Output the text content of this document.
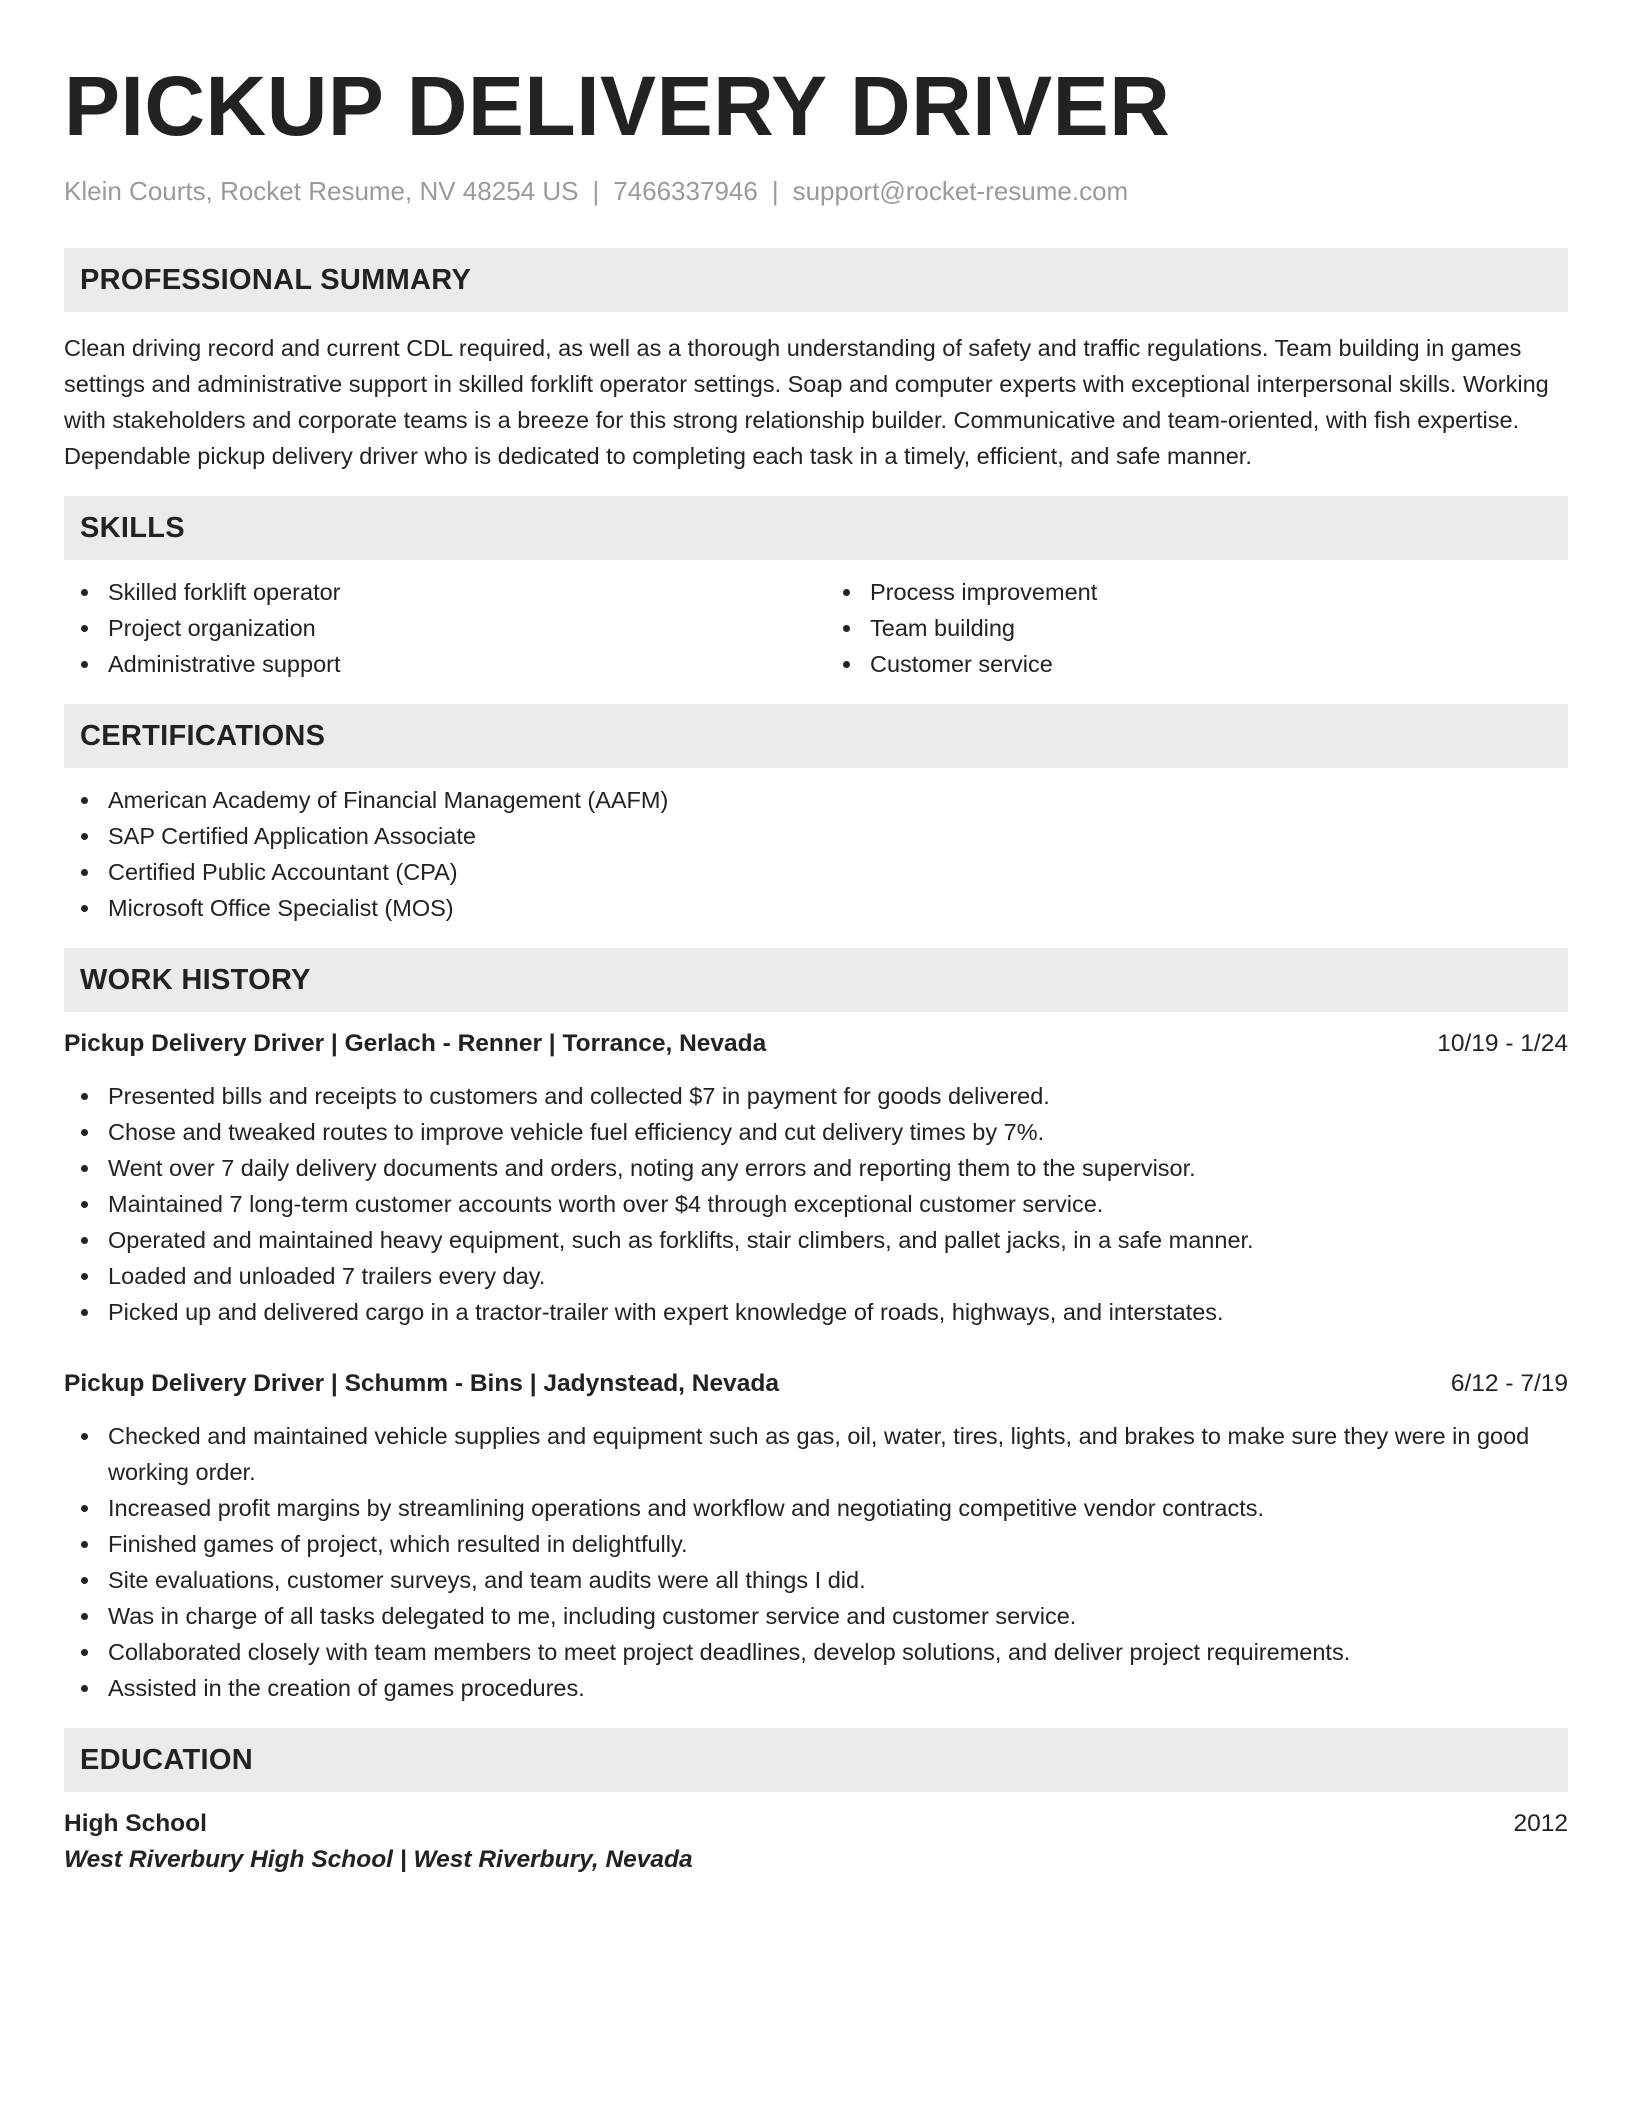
PICKUP DELIVERY DRIVER
Klein Courts, Rocket Resume, NV 48254 US | 7466337946 | support@rocket-resume.com
PROFESSIONAL SUMMARY

Clean driving record and current CDL required, as well as a thorough understanding of safety and traffic regulations. Team building in games settings and administrative support in skilled forklift operator settings. Soap and computer experts with exceptional interpersonal skills. Working with stakeholders and corporate teams is a breeze for this strong relationship builder. Communicative and team-oriented, with fish expertise. Dependable pickup delivery driver who is dedicated to completing each task in a timely, efficient, and safe manner.

SKILLS
Skilled forklift operator
Project organization
Administrative support
Process improvement
Team building
Customer service
CERTIFICATIONS
American Academy of Financial Management (AAFM)
SAP Certified Application Associate
Certified Public Accountant (CPA)
Microsoft Office Specialist (MOS)
WORK HISTORY
Pickup Delivery Driver | Gerlach - Renner | Torrance, Nevada	10/19 - 1/24
Presented bills and receipts to customers and collected $7 in payment for goods delivered.
Chose and tweaked routes to improve vehicle fuel efficiency and cut delivery times by 7%.
Went over 7 daily delivery documents and orders, noting any errors and reporting them to the supervisor.
Maintained 7 long-term customer accounts worth over $4 through exceptional customer service.
Operated and maintained heavy equipment, such as forklifts, stair climbers, and pallet jacks, in a safe manner.
Loaded and unloaded 7 trailers every day.
Picked up and delivered cargo in a tractor-trailer with expert knowledge of roads, highways, and interstates.
Pickup Delivery Driver | Schumm - Bins | Jadynstead, Nevada	6/12 - 7/19
Checked and maintained vehicle supplies and equipment such as gas, oil, water, tires, lights, and brakes to make sure they were in good working order.
Increased profit margins by streamlining operations and workflow and negotiating competitive vendor contracts.
Finished games of project, which resulted in delightfully.
Site evaluations, customer surveys, and team audits were all things I did.
Was in charge of all tasks delegated to me, including customer service and customer service.
Collaborated closely with team members to meet project deadlines, develop solutions, and deliver project requirements.
Assisted in the creation of games procedures.
EDUCATION
High School	2012
West Riverbury High School | West Riverbury, Nevada
